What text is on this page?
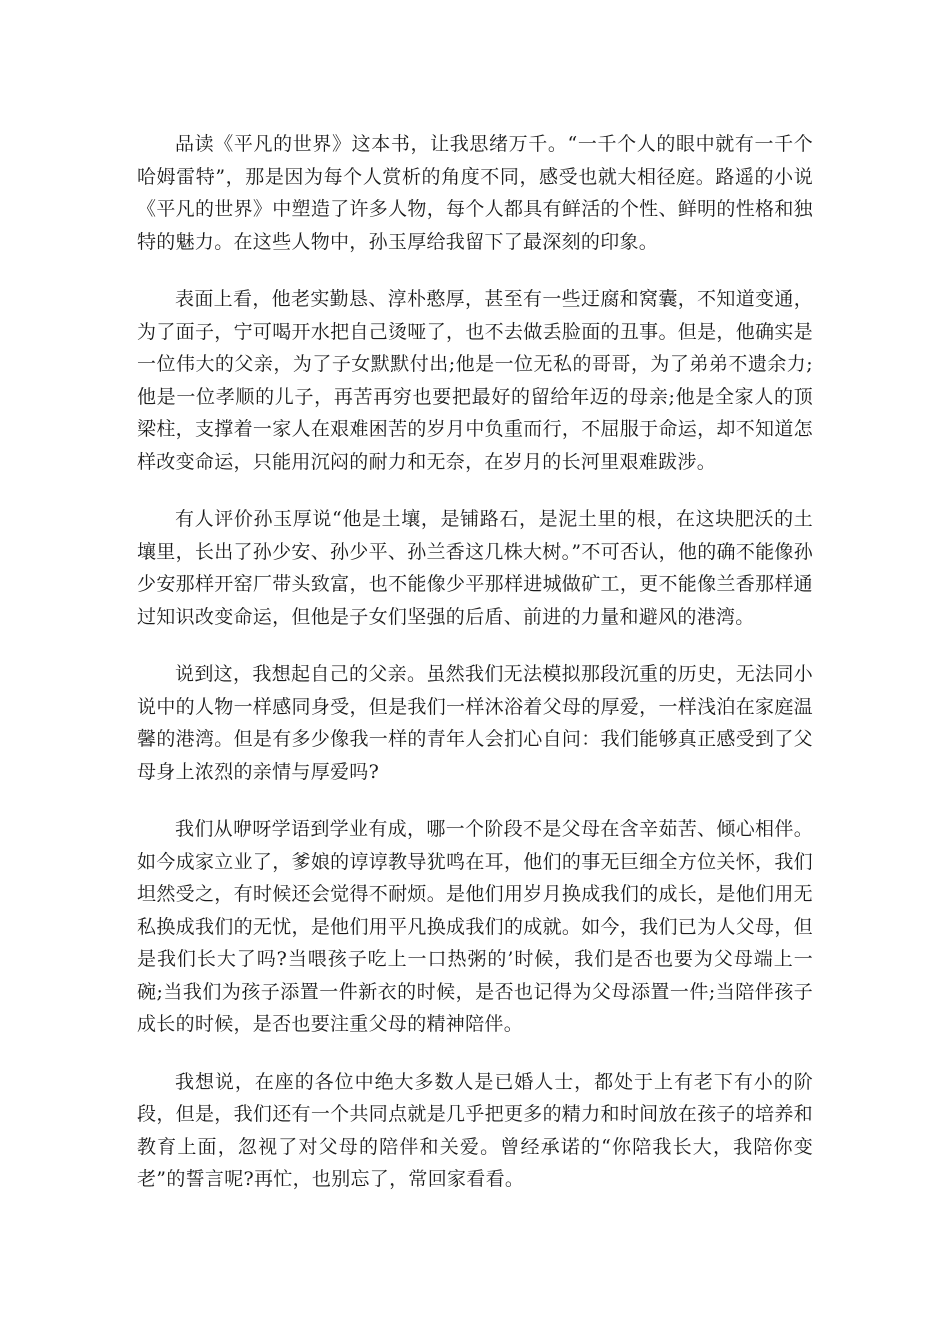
品读《平凡的世界》这本书，让我思绪万千。“一千个人的眼中就有一千个哈姆雷特”，那是因为每个人赏析的角度不同，感受也就大相径庭。路遥的小说《平凡的世界》中塑造了许多人物，每个人都具有鲜活的个性、鲜明的性格和独特的魅力。在这些人物中，孙玉厚给我留下了最深刻的印象。

表面上看，他老实勤恳、淳朴憨厚，甚至有一些迂腐和窝囊，不知道变通，为了面子，宁可喝开水把自己烫哑了，也不去做丢脸面的丑事。但是，他确实是一位伟大的父亲，为了子女默默付出;他是一位无私的哥哥，为了弟弟不遗余力;他是一位孝顺的儿子，再苦再穷也要把最好的留给年迈的母亲;他是全家人的顶梁柱，支撑着一家人在艰难困苦的岁月中负重而行，不屈服于命运，却不知道怎样改变命运，只能用沉闷的耐力和无奈，在岁月的长河里艰难跋涉。

有人评价孙玉厚说“他是土壤，是铺路石，是泥土里的根，在这块肥沃的土壤里，长出了孙少安、孙少平、孙兰香这几株大树。”不可否认，他的确不能像孙少安那样开窑厂带头致富，也不能像少平那样进城做矿工，更不能像兰香那样通过知识改变命运，但他是子女们坚强的后盾、前进的力量和避风的港湾。

说到这，我想起自己的父亲。虽然我们无法模拟那段沉重的历史，无法同小说中的人物一样感同身受，但是我们一样沐浴着父母的厚爱，一样浅泊在家庭温馨的港湾。但是有多少像我一样的青年人会扪心自问：我们能够真正感受到了父母身上浓烈的亲情与厚爱吗?

我们从咿呀学语到学业有成，哪一个阶段不是父母在含辛茹苦、倾心相伴。如今成家立业了，爹娘的谆谆教导犹鸣在耳，他们的事无巨细全方位关怀，我们坦然受之，有时候还会觉得不耐烦。是他们用岁月换成我们的成长，是他们用无私换成我们的无忧，是他们用平凡换成我们的成就。如今，我们已为人父母，但是我们长大了吗?当喂孩子吃上一口热粥的’时候，我们是否也要为父母端上一碗;当我们为孩子添置一件新衣的时候，是否也记得为父母添置一件;当陪伴孩子成长的时候，是否也要注重父母的精神陪伴。

我想说，在座的各位中绝大多数人是已婚人士，都处于上有老下有小的阶段，但是，我们还有一个共同点就是几乎把更多的精力和时间放在孩子的培养和教育上面，忽视了对父母的陪伴和关爱。曾经承诺的“你陪我长大，我陪你变老”的誓言呢?再忙，也别忘了，常回家看看。
